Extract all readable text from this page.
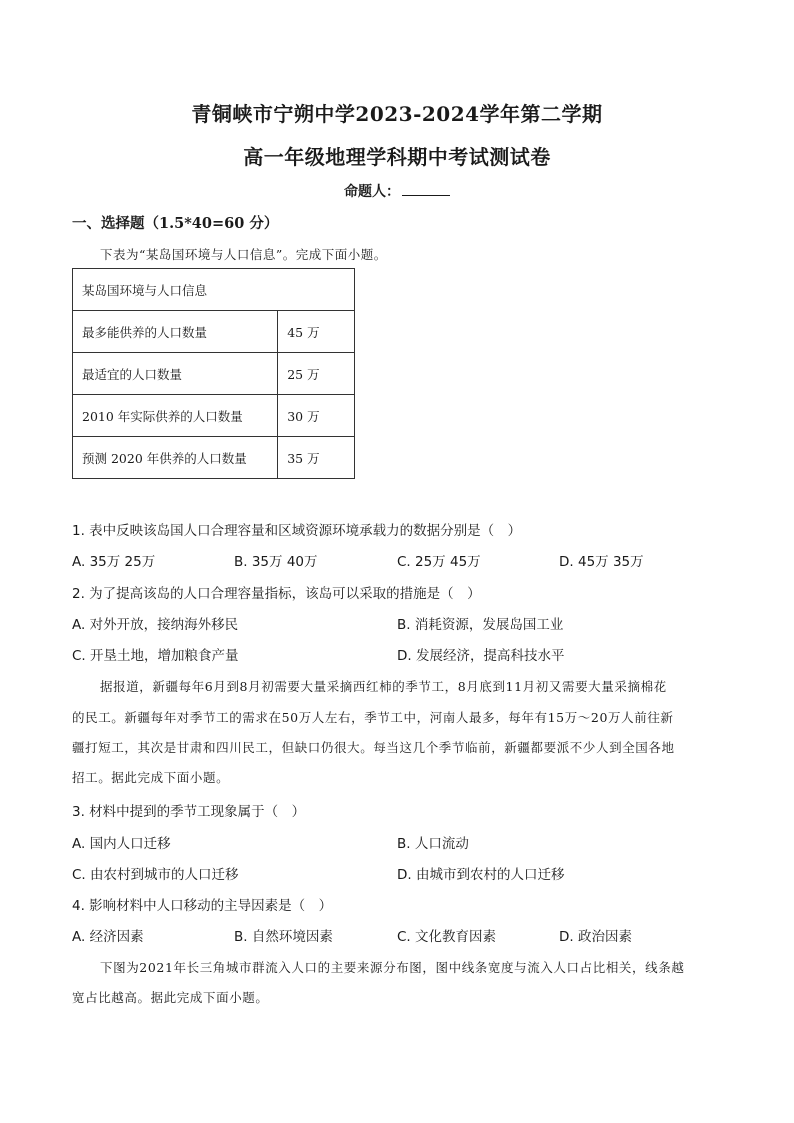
青铜峡市宁朔中学2023-2024学年第二学期
高一年级地理学科期中考试测试卷
命题人：
一、选择题（1.5*40=60 分）
下表为“某岛国环境与人口信息”。完成下面小题。
某岛国环境与人口信息	
最多能供养的人口数量	45 万
最适宜的人口数量	25 万
2010 年实际供养的人口数量	30 万
预测 2020 年供养的人口数量	35 万
1. 表中反映该岛国人口合理容量和区域资源环境承载力的数据分别是（　）
A. 35万 25万	B. 35万 40万	C. 25万 45万	D. 45万 35万
2. 为了提高该岛的人口合理容量指标，该岛可以采取的措施是（　）
A. 对外开放，接纳海外移民	B. 消耗资源，发展岛国工业
C. 开垦土地，增加粮食产量	D. 发展经济，提高科技水平
据报道，新疆每年6月到8月初需要大量采摘西红柿的季节工，8月底到11月初又需要大量采摘棉花
的民工。新疆每年对季节工的需求在50万人左右，季节工中，河南人最多，每年有15万～20万人前往新
疆打短工，其次是甘肃和四川民工，但缺口仍很大。每当这几个季节临前，新疆都要派不少人到全国各地
招工。据此完成下面小题。
3. 材料中提到的季节工现象属于（　）
A. 国内人口迁移	B. 人口流动
C. 由农村到城市的人口迁移	D. 由城市到农村的人口迁移
4. 影响材料中人口移动的主导因素是（　）
A. 经济因素	B. 自然环境因素	C. 文化教育因素	D. 政治因素
下图为2021年长三角城市群流入人口的主要来源分布图，图中线条宽度与流入人口占比相关，线条越
宽占比越高。据此完成下面小题。
